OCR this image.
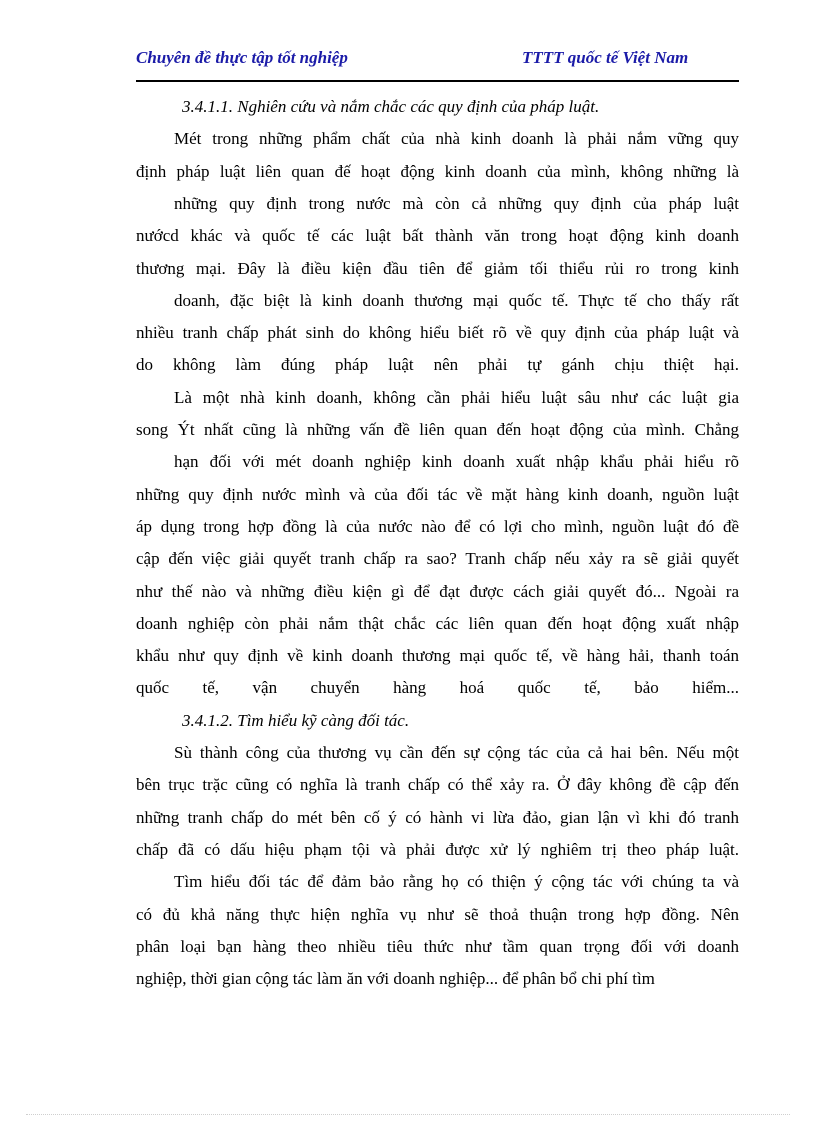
Chuyên đề thực tập tốt nghiệp	TTTT quốc tế Việt Nam
3.4.1.1. Nghiên cứu và nắm chắc các quy định của pháp luật.
Mét trong những phẩm chất của nhà kinh doanh là phải nắm vững quy
định pháp luật liên quan đế hoạt động kinh doanh của mình, không những là
những quy định trong nước mà còn cả những quy định của pháp luật
nướcd khác và quốc tế các luật bất thành văn trong hoạt động kinh doanh
thương mại. Đây là điều kiện đầu tiên để giảm tối thiểu rủi ro trong kinh
doanh, đặc biệt là kinh doanh thương mại quốc tế. Thực tế cho thấy rất
nhiều tranh chấp phát sinh do không hiểu biết rõ về quy định của pháp luật và
do không làm đúng pháp luật nên phải tự gánh chịu thiệt hại.
Là một nhà kinh doanh, không cần phải hiểu luật sâu như các luật gia
song Ýt nhất cũng là những vấn đề liên quan đến hoạt động của mình. Chẳng
hạn đối với mét doanh nghiệp kinh doanh xuất nhập khẩu phải hiểu rõ
những quy định nước mình và của đối tác về mặt hàng kinh doanh, nguồn luật
áp dụng trong hợp đồng là của nước nào để có lợi cho mình, nguồn luật đó đề
cập đến việc giải quyết tranh chấp ra sao? Tranh chấp nếu xảy ra sẽ giải quyết
như thế nào và những điều kiện gì để đạt được cách giải quyết đó... Ngoài ra
doanh nghiệp còn phải nắm thật chắc các liên quan đến hoạt động xuất nhập
khẩu như quy định về kinh doanh thương mại quốc tế, về hàng hải, thanh toán
quốc tế, vận chuyển hàng hoá quốc tế, bảo hiểm...
3.4.1.2. Tìm hiểu kỹ càng đối tác.
Sù thành công của thương vụ cần đến sự cộng tác của cả hai bên. Nếu một
bên trục trặc cũng có nghĩa là tranh chấp có thể xảy ra. Ở đây không đề cập đến
những tranh chấp do mét bên cố ý có hành vi lừa đảo, gian lận vì khi đó tranh
chấp đã có dấu hiệu phạm tội và phải được xử lý nghiêm trị theo pháp luật.
Tìm hiểu đối tác để đảm bảo rằng họ có thiện ý cộng tác với chúng ta và
có đủ khả năng thực hiện nghĩa vụ như sẽ thoả thuận trong hợp đồng. Nên
phân loại bạn hàng theo nhiều tiêu thức như tầm quan trọng đối với doanh
nghiệp, thời gian cộng tác làm ăn với doanh nghiệp... để phân bổ chi phí tìm
